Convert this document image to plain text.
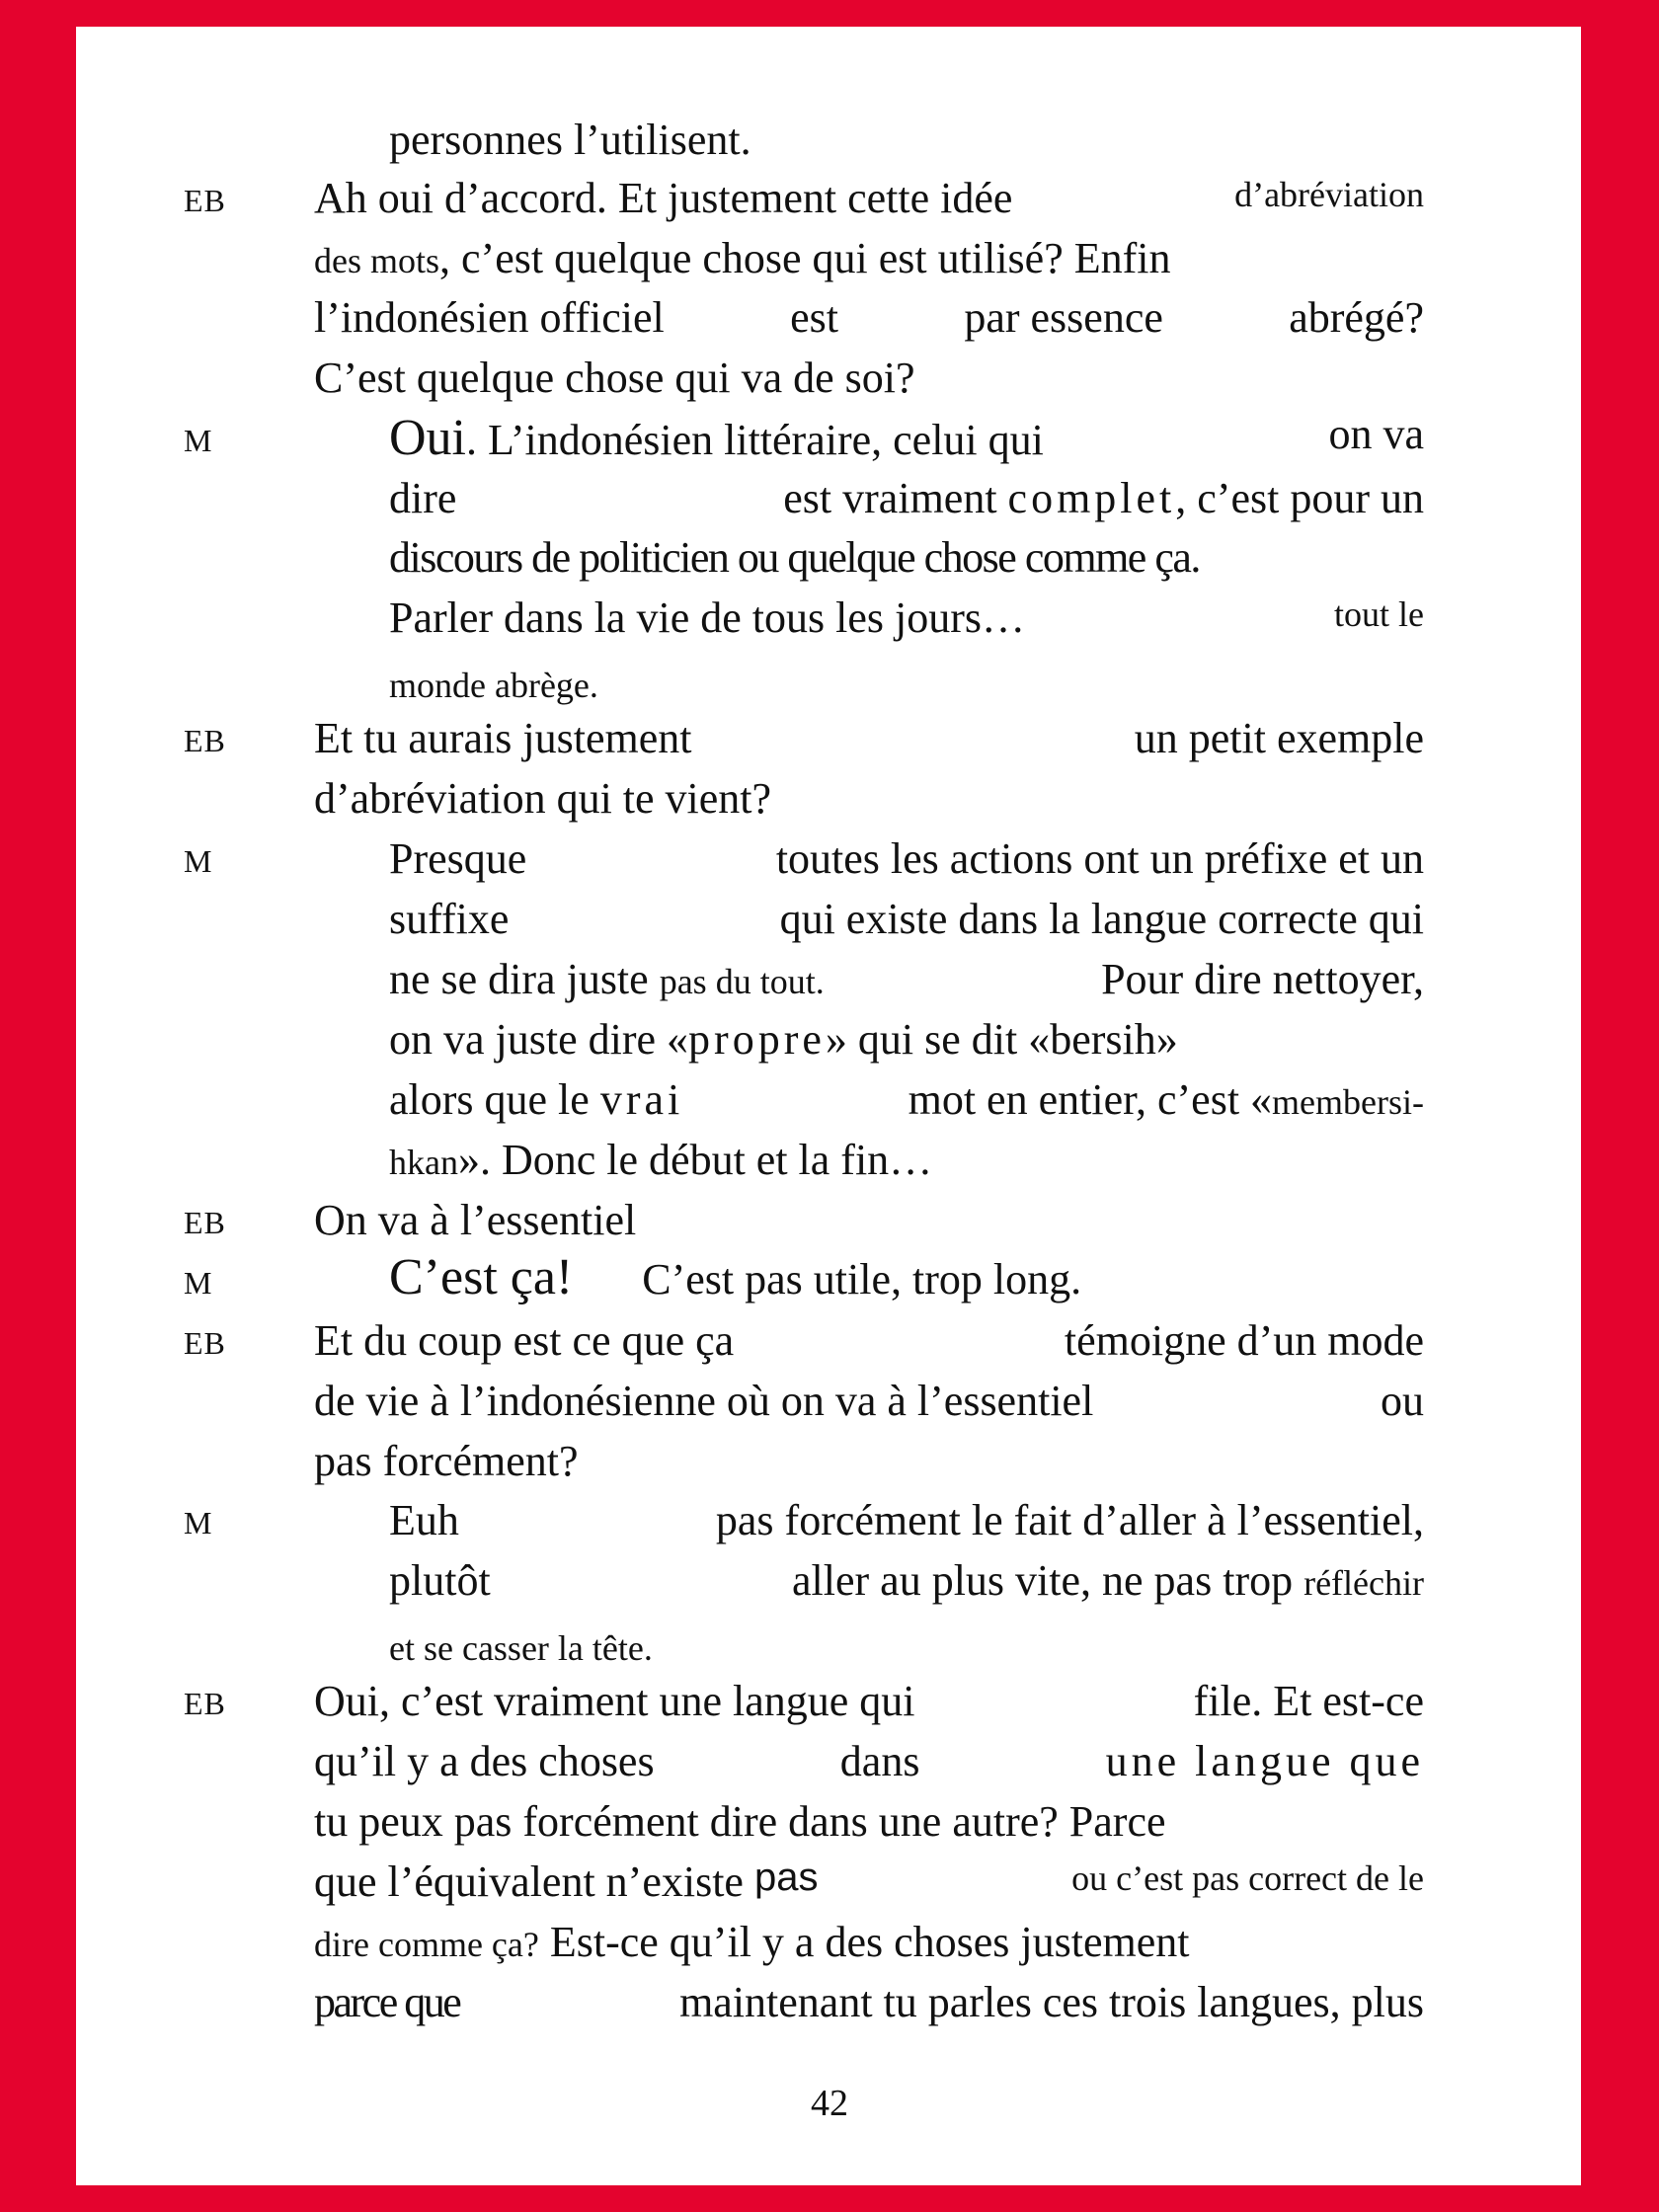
EB
M
EB
M
EB
M
EB
M
EB
personnes l’utilisent.
Ah oui d’accord. Et justement cette idée	d’abréviation
des mots, c’est quelque chose qui est utilisé? Enfin
l’indonésien officiel	est	par essence	abrégé?
C’est quelque chose qui va de soi?
Oui. L’indonésien littéraire, celui qui	on va
dire	est vraiment complet, c’est pour un
discours de politicien ou quelque chose comme ça.
Parler dans la vie de tous les jours…	tout le
monde abrège.
Et tu aurais justement	un petit exemple
d’abréviation qui te vient?
Presque	toutes les actions ont un préfixe et un
suffixe	qui existe dans la langue correcte qui
ne se dira juste pas du tout.	Pour dire nettoyer,
on va juste dire «propre» qui se dit «bersih»
alors que le vrai	mot en entier, c’est «membersi-
hkan». Donc le début et la fin…
On va à l’essentiel
C’est ça! C’est pas utile, trop long.
Et du coup est ce que ça	témoigne d’un mode
de vie à l’indonésienne où on va à l’essentiel	ou
pas forcément?
Euh	pas forcément le fait d’aller à l’essentiel,
plutôt	aller au plus vite, ne pas trop réfléchir
et se casser la tête.
Oui, c’est vraiment une langue qui	file. Et est-ce
qu’il y a des choses	dans	une langue que
tu peux pas forcément dire dans une autre? Parce
que l’équivalent n’existe pas	ou c’est pas correct de le
dire comme ça? Est-ce qu’il y a des choses justement
parce que	maintenant tu parles ces trois langues, plus
42
